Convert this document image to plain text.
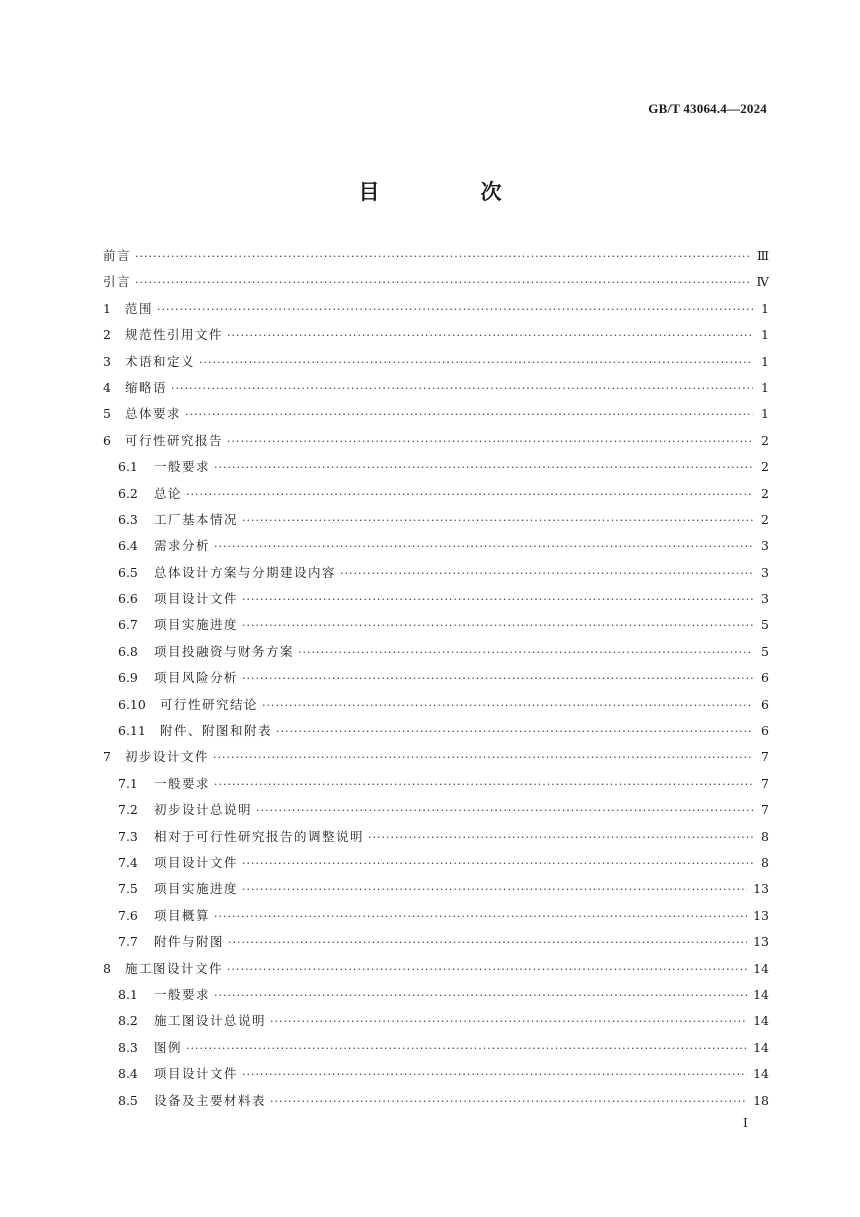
GB/T 43064.4—2024
目　次
前言 ·····	Ⅲ
引言 ·····	Ⅳ
1	范围 ·····	1
2	规范性引用文件 ·····	1
3	术语和定义 ·····	1
4	缩略语 ·····	1
5	总体要求 ·····	1
6	可行性研究报告 ·····	2
6.1	一般要求 ·····	2
6.2	总论 ·····	2
6.3	工厂基本情况 ·····	2
6.4	需求分析 ·····	3
6.5	总体设计方案与分期建设内容 ·····	3
6.6	项目设计文件 ·····	3
6.7	项目实施进度 ·····	5
6.8	项目投融资与财务方案 ·····	5
6.9	项目风险分析 ·····	6
6.10	可行性研究结论 ·····	6
6.11	附件、附图和附表 ·····	6
7	初步设计文件 ·····	7
7.1	一般要求 ·····	7
7.2	初步设计总说明 ·····	7
7.3	相对于可行性研究报告的调整说明 ·····	8
7.4	项目设计文件 ·····	8
7.5	项目实施进度 ·····	13
7.6	项目概算 ·····	13
7.7	附件与附图 ·····	13
8	施工图设计文件 ·····	14
8.1	一般要求 ·····	14
8.2	施工图设计总说明 ·····	14
8.3	图例 ·····	14
8.4	项目设计文件 ·····	14
8.5	设备及主要材料表 ·····	18
Ⅰ
